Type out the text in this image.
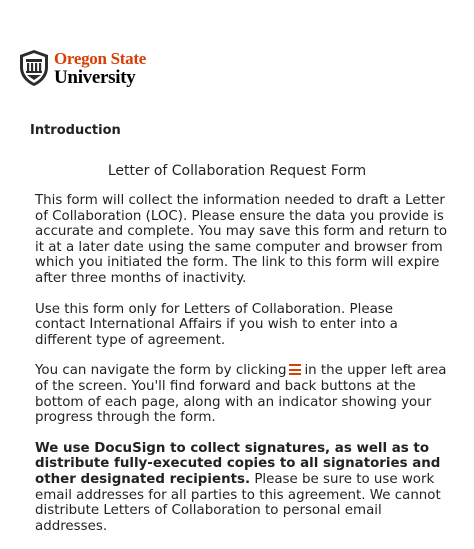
Oregon State
University
Introduction
Letter of Collaboration Request Form

This form will collect the information needed to draft a Letter of Collaboration (LOC). Please ensure the data you provide is accurate and complete. You may save this form and return to it at a later date using the same computer and browser from which you initiated the form. The link to this form will expire after three months of inactivity.

Use this form only for Letters of Collaboration. Please contact International Affairs if you wish to enter into a different type of agreement.

You can navigate the form by clicking in the upper left area of the screen. You'll find forward and back buttons at the bottom of each page, along with an indicator showing your progress through the form.

We use DocuSign to collect signatures, as well as to distribute fully-executed copies to all signatories and other designated recipients. Please be sure to use work email addresses for all parties to this agreement. We cannot distribute Letters of Collaboration to personal email addresses.
